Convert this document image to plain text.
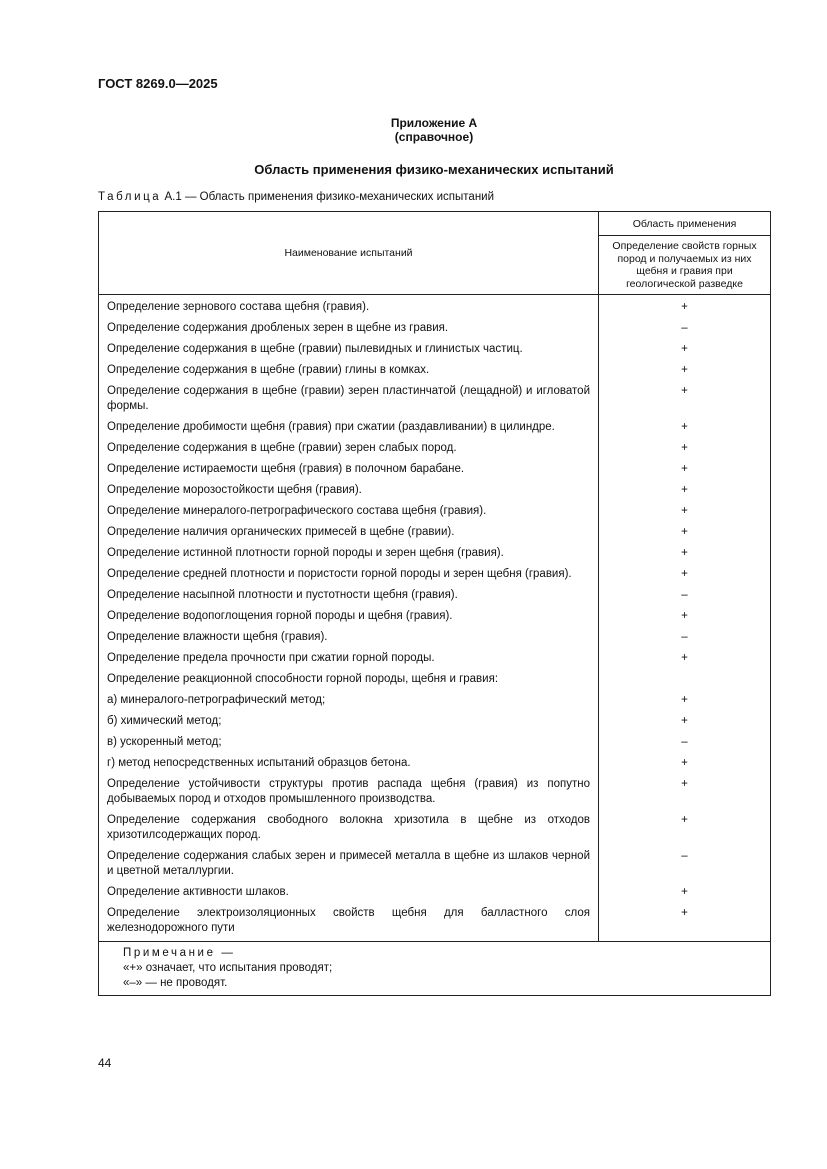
ГОСТ 8269.0—2025
Приложение А
(справочное)
Область применения физико-механических испытаний
Таблица А.1 — Область применения физико-механических испытаний
Наименование испытаний	Область применения

	Определение свойств горных пород и получаемых из них щебня и гравия при геологической разведке

Определение зернового состава щебня (гравия).	+
Определение содержания дробленых зерен в щебне из гравия.	–
Определение содержания в щебне (гравии) пылевидных и глинистых частиц.	+
Определение содержания в щебне (гравии) глины в комках.	+
Определение содержания в щебне (гравии) зерен пластинчатой (лещадной) и игловатой формы.	+
Определение дробимости щебня (гравия) при сжатии (раздавливании) в цилиндре.	+
Определение содержания в щебне (гравии) зерен слабых пород.	+
Определение истираемости щебня (гравия) в полочном барабане.	+
Определение морозостойкости щебня (гравия).	+
Определение минералого-петрографического состава щебня (гравия).	+
Определение наличия органических примесей в щебне (гравии).	+
Определение истинной плотности горной породы и зерен щебня (гравия).	+
Определение средней плотности и пористости горной породы и зерен щебня (гравия).	+
Определение насыпной плотности и пустотности щебня (гравия).	–
Определение водопоглощения горной породы и щебня (гравия).	+
Определение влажности щебня (гравия).	–
Определение предела прочности при сжатии горной породы.	+
Определение реакционной способности горной породы, щебня и гравия:	
а) минералого-петрографический метод;	+
б) химический метод;	+
в) ускоренный метод;	–
г) метод непосредственных испытаний образцов бетона.	+
Определение устойчивости структуры против распада щебня (гравия) из попутно добываемых пород и отходов промышленного производства.	+
Определение содержания свободного волокна хризотила в щебне из отходов хризотилсодержащих пород.	+
Определение содержания слабых зерен и примесей металла в щебне из шлаков черной и цветной металлургии.	–
Определение активности шлаков.	+
Определение электроизоляционных свойств щебня для балластного слоя железнодорожного пути	+

Примечание —
«+» означает, что испытания проводят;
«–» — не проводят.	
44
